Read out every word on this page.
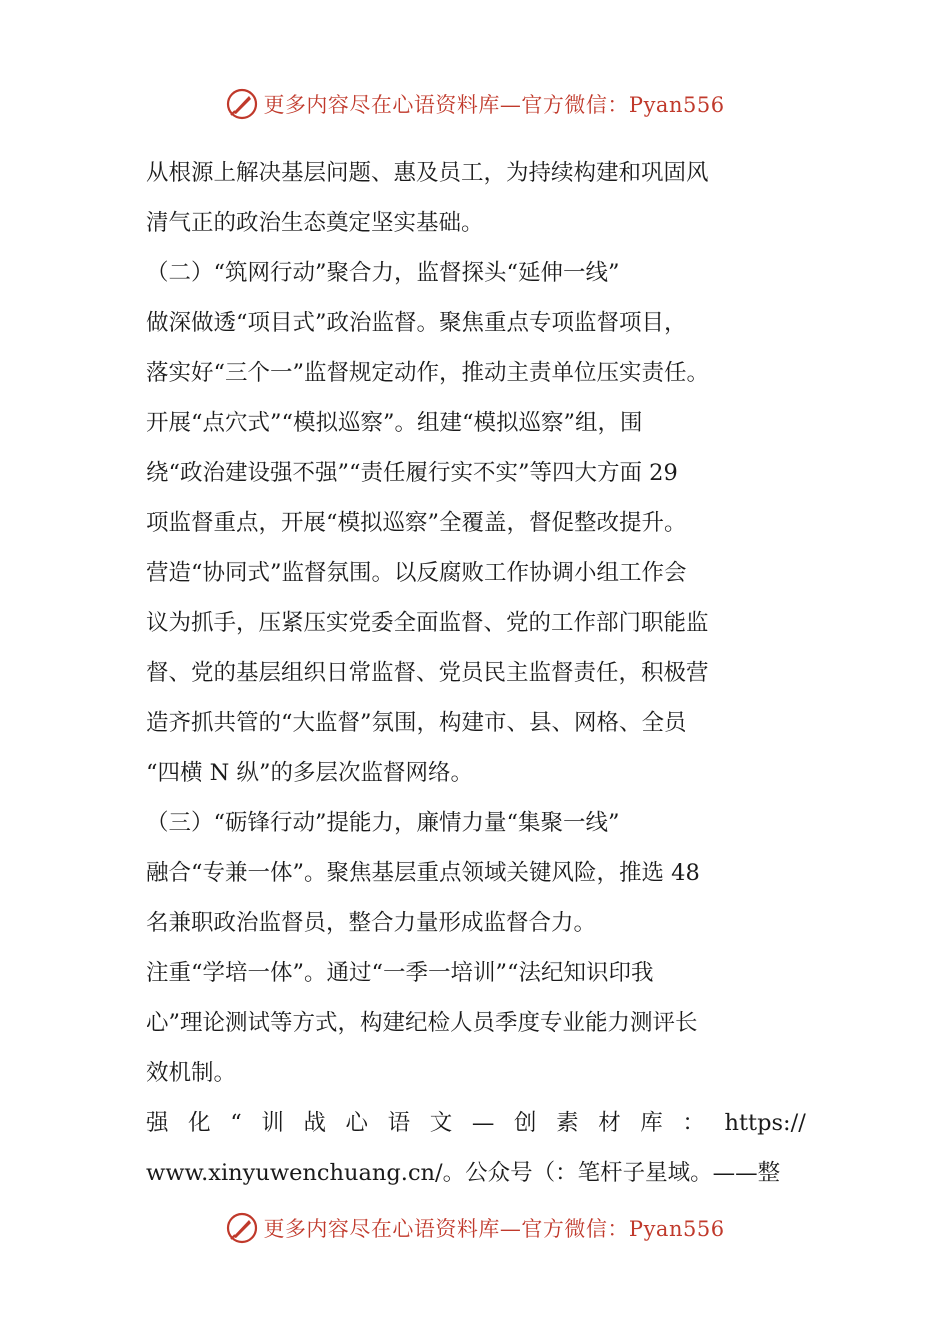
更多内容尽在心语资料库—官方微信：Pyan556
从根源上解决基层问题、惠及员工，为持续构建和巩固风
清气正的政治生态奠定坚实基础。
（二）“筑网行动”聚合力，监督探头“延伸一线”
做深做透“项目式”政治监督。聚焦重点专项监督项目，
落实好“三个一”监督规定动作，推动主责单位压实责任。
开展“点穴式”“模拟巡察”。组建“模拟巡察”组，围
绕“政治建设强不强”“责任履行实不实”等四大方面 29
项监督重点，开展“模拟巡察”全覆盖，督促整改提升。
营造“协同式”监督氛围。以反腐败工作协调小组工作会
议为抓手，压紧压实党委全面监督、党的工作部门职能监
督、党的基层组织日常监督、党员民主监督责任，积极营
造齐抓共管的“大监督”氛围，构建市、县、网格、全员
“四横 N 纵”的多层次监督网络。
（三）“砺锋行动”提能力，廉情力量“集聚一线”
融合“专兼一体”。聚焦基层重点领域关键风险，推选 48
名兼职政治监督员，整合力量形成监督合力。
注重“学培一体”。通过“一季一培训”“法纪知识印我
心”理论测试等方式，构建纪检人员季度专业能力测评长
效机制。
强 化 “ 训 战 心 语 文 — 创 素 材 库 ： https://
www.xinyuwenchuang.cn/。公众号（：笔杆子星域。——整
更多内容尽在心语资料库—官方微信：Pyan556
